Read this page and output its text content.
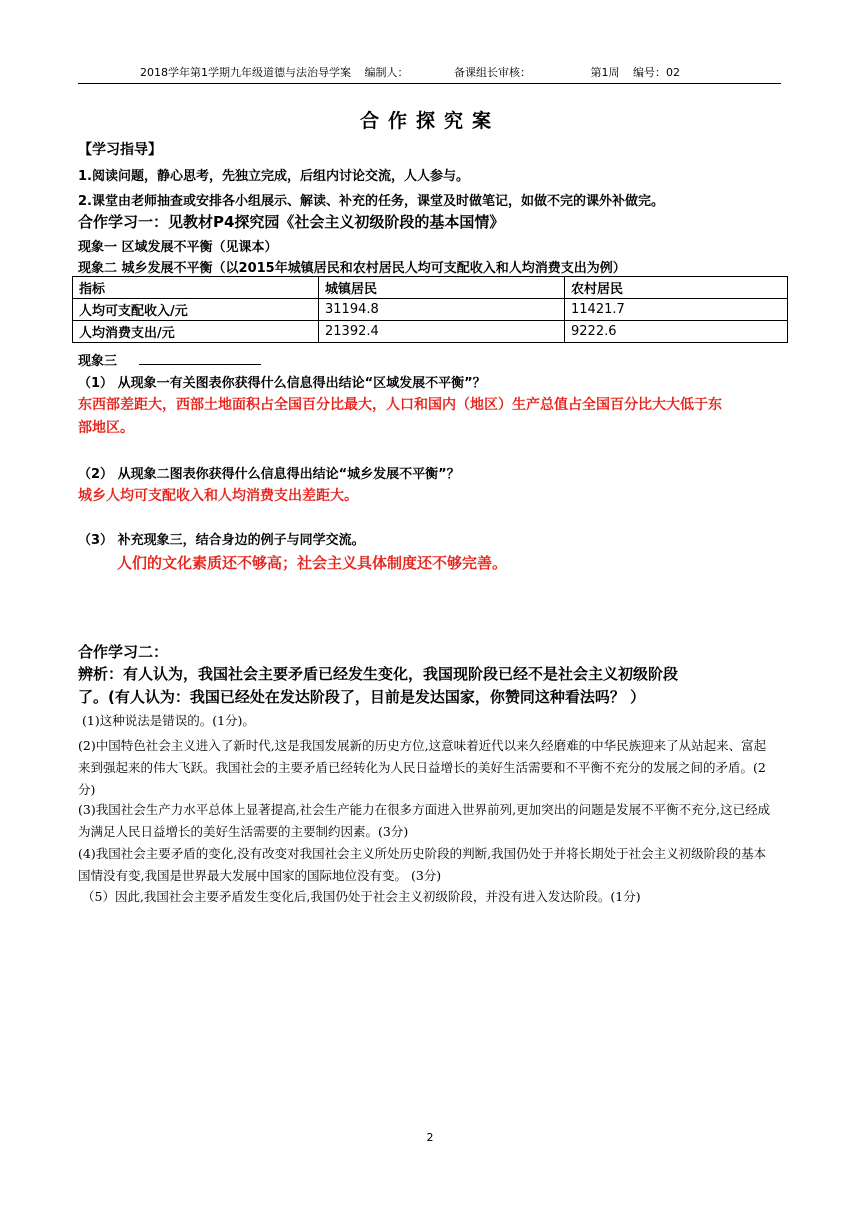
2018学年第1学期九年级道德与法治导学案 编制人：	备课组长审核：	第1周 编号：02
合作探究案
【学习指导】
1.阅读问题，静心思考，先独立完成，后组内讨论交流，人人参与。
2.课堂由老师抽查或安排各小组展示、解读、补充的任务，课堂及时做笔记，如做不完的课外补做完。
合作学习一：见教材P4探究园《社会主义初级阶段的基本国情》
现象一 区域发展不平衡（见课本）
现象二 城乡发展不平衡（以2015年城镇居民和农村居民人均可支配收入和人均消费支出为例）
指标	城镇居民	农村居民
人均可支配收入/元	31194.8	11421.7
人均消费支出/元	21392.4	9222.6
现象三
（1） 从现象一有关图表你获得什么信息得出结论“区域发展不平衡”？
东西部差距大，西部土地面积占全国百分比最大，人口和国内（地区）生产总值占全国百分比大大低于东
部地区。
（2） 从现象二图表你获得什么信息得出结论“城乡发展不平衡”？
城乡人均可支配收入和人均消费支出差距大。
（3） 补充现象三，结合身边的例子与同学交流。
人们的文化素质还不够高；社会主义具体制度还不够完善。
合作学习二：
辨析：有人认为，我国社会主要矛盾已经发生变化，我国现阶段已经不是社会主义初级阶段
了。(有人认为：我国已经处在发达阶段了，目前是发达国家，你赞同这种看法吗？ ）
(1)这种说法是错误的。(1分)。
(2)中国特色社会主义进入了新时代,这是我国发展新的历史方位,这意味着近代以来久经磨难的中华民族迎来了从站起来、富起来到强起来的伟大飞跃。我国社会的主要矛盾已经转化为人民日益增长的美好生活需要和不平衡不充分的发展之间的矛盾。(2分)
(3)我国社会生产力水平总体上显著提高,社会生产能力在很多方面进入世界前列,更加突出的问题是发展不平衡不充分,这已经成为满足人民日益增长的美好生活需要的主要制约因素。(3分)
(4)我国社会主要矛盾的变化,没有改变对我国社会主义所处历史阶段的判断,我国仍处于并将长期处于社会主义初级阶段的基本国情没有变,我国是世界最大发展中国家的国际地位没有变。 (3分)
（5）因此,我国社会主要矛盾发生变化后,我国仍处于社会主义初级阶段，并没有进入发达阶段。(1分)
2
